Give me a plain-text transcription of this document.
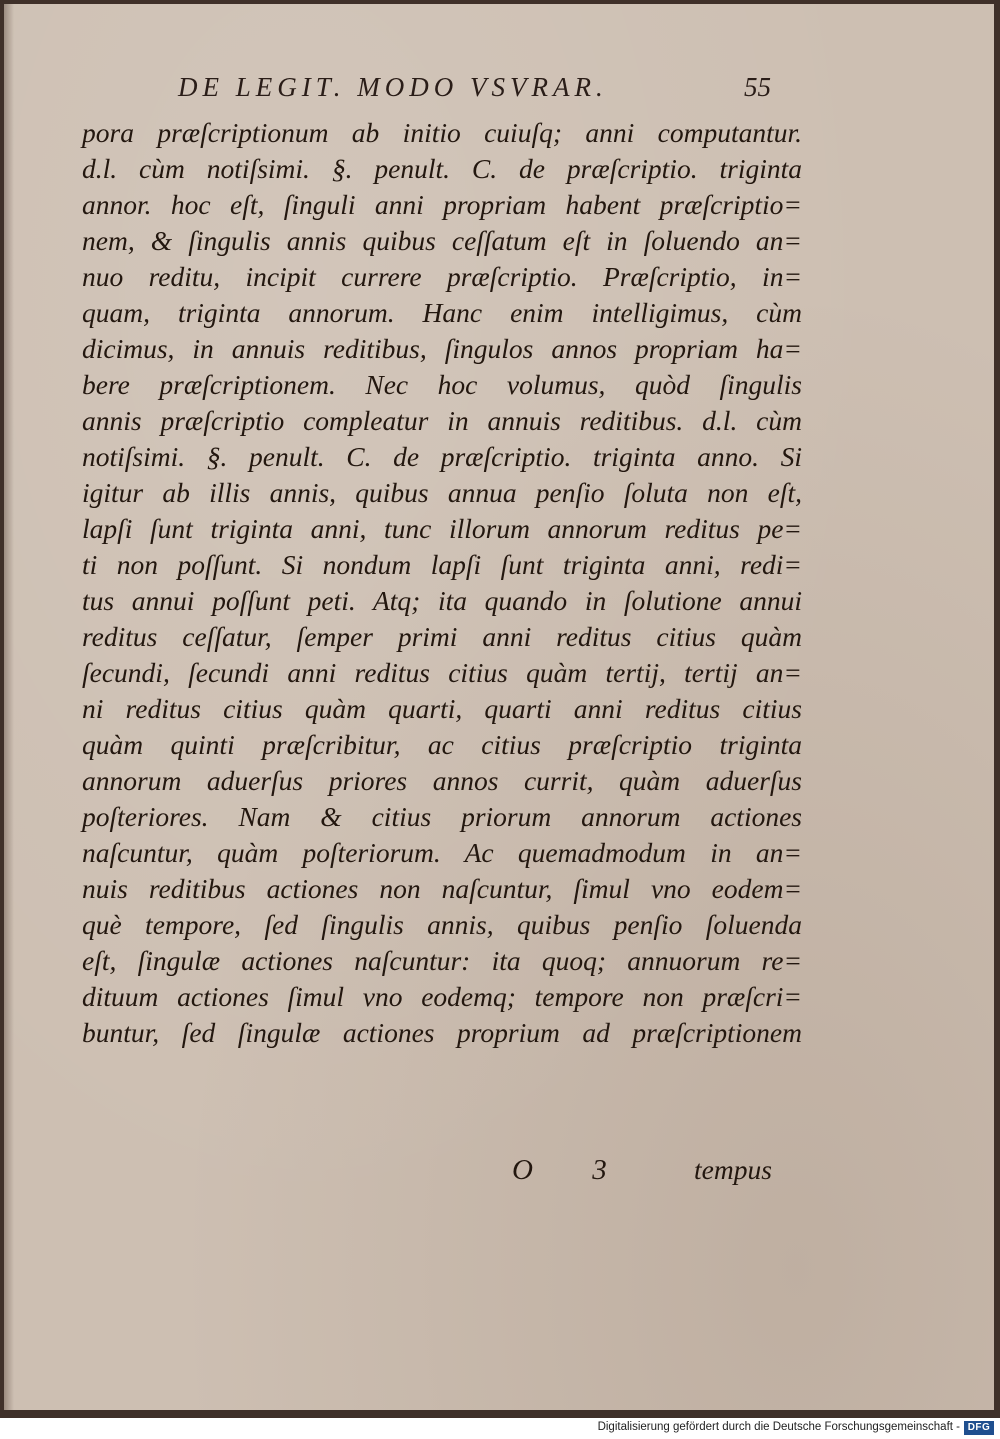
DE LEGIT. MODO VSVRAR.	55
pora præſcriptionum ab initio cuiuſq; anni computantur.
d.l. cùm notiſsimi. §. penult. C. de præſcriptio. triginta
annor. hoc eſt, ſinguli anni propriam habent præſcriptio=
nem, & ſingulis annis quibus ceſſatum eſt in ſoluendo an=
nuo reditu, incipit currere præſcriptio. Præſcriptio, in=
quam, triginta annorum. Hanc enim intelligimus, cùm
dicimus, in annuis reditibus, ſingulos annos propriam ha=
bere præſcriptionem. Nec hoc volumus, quòd ſingulis
annis præſcriptio compleatur in annuis reditibus. d.l. cùm
notiſsimi. §. penult. C. de præſcriptio. triginta anno. Si
igitur ab illis annis, quibus annua penſio ſoluta non eſt,
lapſi ſunt triginta anni, tunc illorum annorum reditus pe=
ti non poſſunt. Si nondum lapſi ſunt triginta anni, redi=
tus annui poſſunt peti. Atq; ita quando in ſolutione annui
reditus ceſſatur, ſemper primi anni reditus citius quàm
ſecundi, ſecundi anni reditus citius quàm tertij, tertij an=
ni reditus citius quàm quarti, quarti anni reditus citius
quàm quinti præſcribitur, ac citius præſcriptio triginta
annorum aduerſus priores annos currit, quàm aduerſus
poſteriores. Nam & citius priorum annorum actiones
naſcuntur, quàm poſteriorum. Ac quemadmodum in an=
nuis reditibus actiones non naſcuntur, ſimul vno eodem=
què tempore, ſed ſingulis annis, quibus penſio ſoluenda
eſt, ſingulæ actiones naſcuntur: ita quoq; annuorum re=
dituum actiones ſimul vno eodemq; tempore non præſcri=
buntur, ſed ſingulæ actiones proprium ad præſcriptionem
O 3 tempus
Digitalisierung gefördert durch die Deutsche Forschungsgemeinschaft - DFG
